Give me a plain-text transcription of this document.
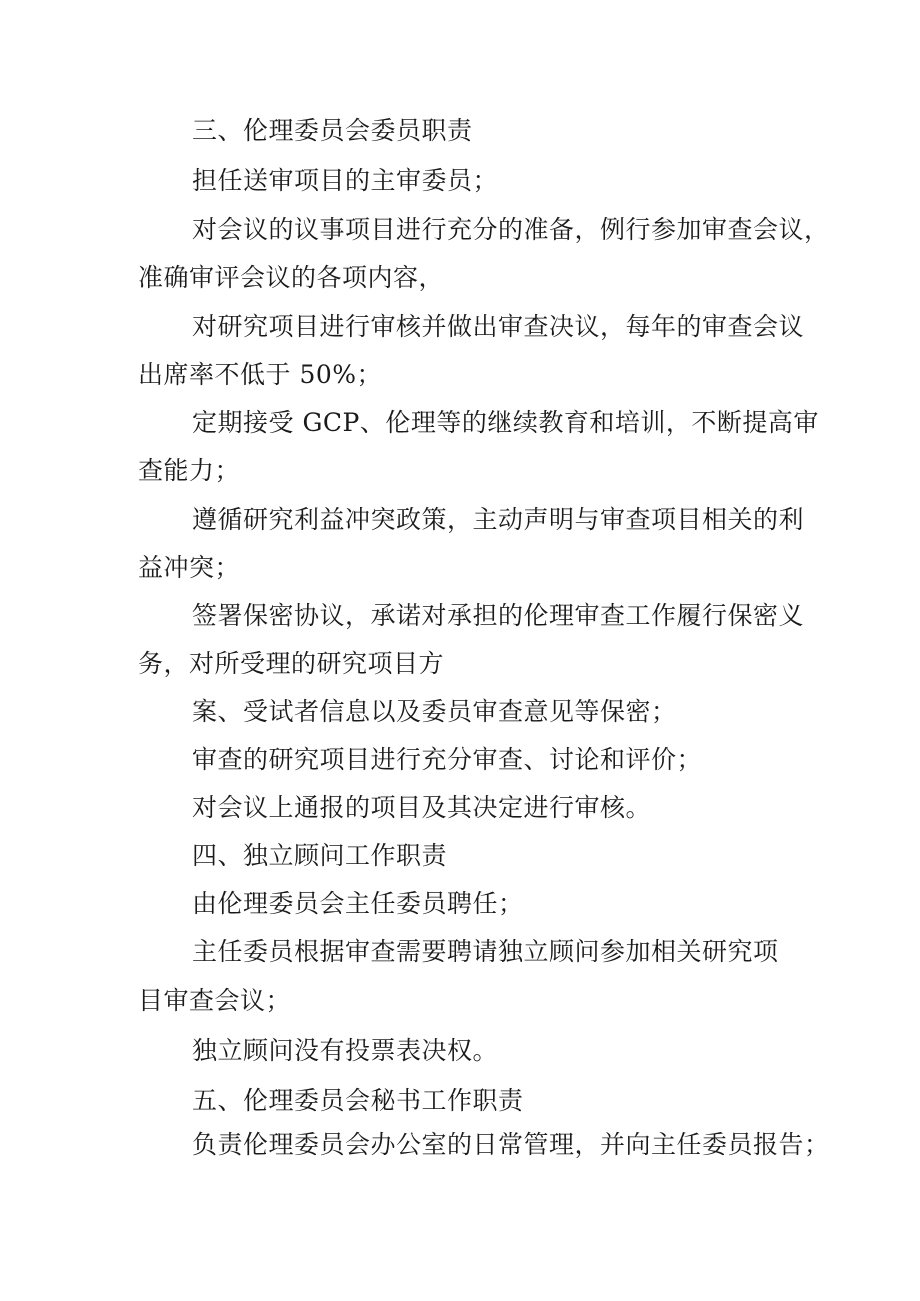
三、伦理委员会委员职责
担任送审项目的主审委员；
对会议的议事项目进行充分的准备，例行参加审查会议，
准确审评会议的各项内容，
对研究项目进行审核并做出审查决议，每年的审查会议
出席率不低于 50%；
定期接受 GCP、伦理等的继续教育和培训，不断提高审
查能力；
遵循研究利益冲突政策，主动声明与审查项目相关的利
益冲突；
签署保密协议，承诺对承担的伦理审查工作履行保密义
务，对所受理的研究项目方
案、受试者信息以及委员审查意见等保密；
审查的研究项目进行充分审查、讨论和评价；
对会议上通报的项目及其决定进行审核。
四、独立顾问工作职责
由伦理委员会主任委员聘任；
主任委员根据审查需要聘请独立顾问参加相关研究项
目审查会议；
独立顾问没有投票表决权。
五、伦理委员会秘书工作职责
负责伦理委员会办公室的日常管理，并向主任委员报告；
